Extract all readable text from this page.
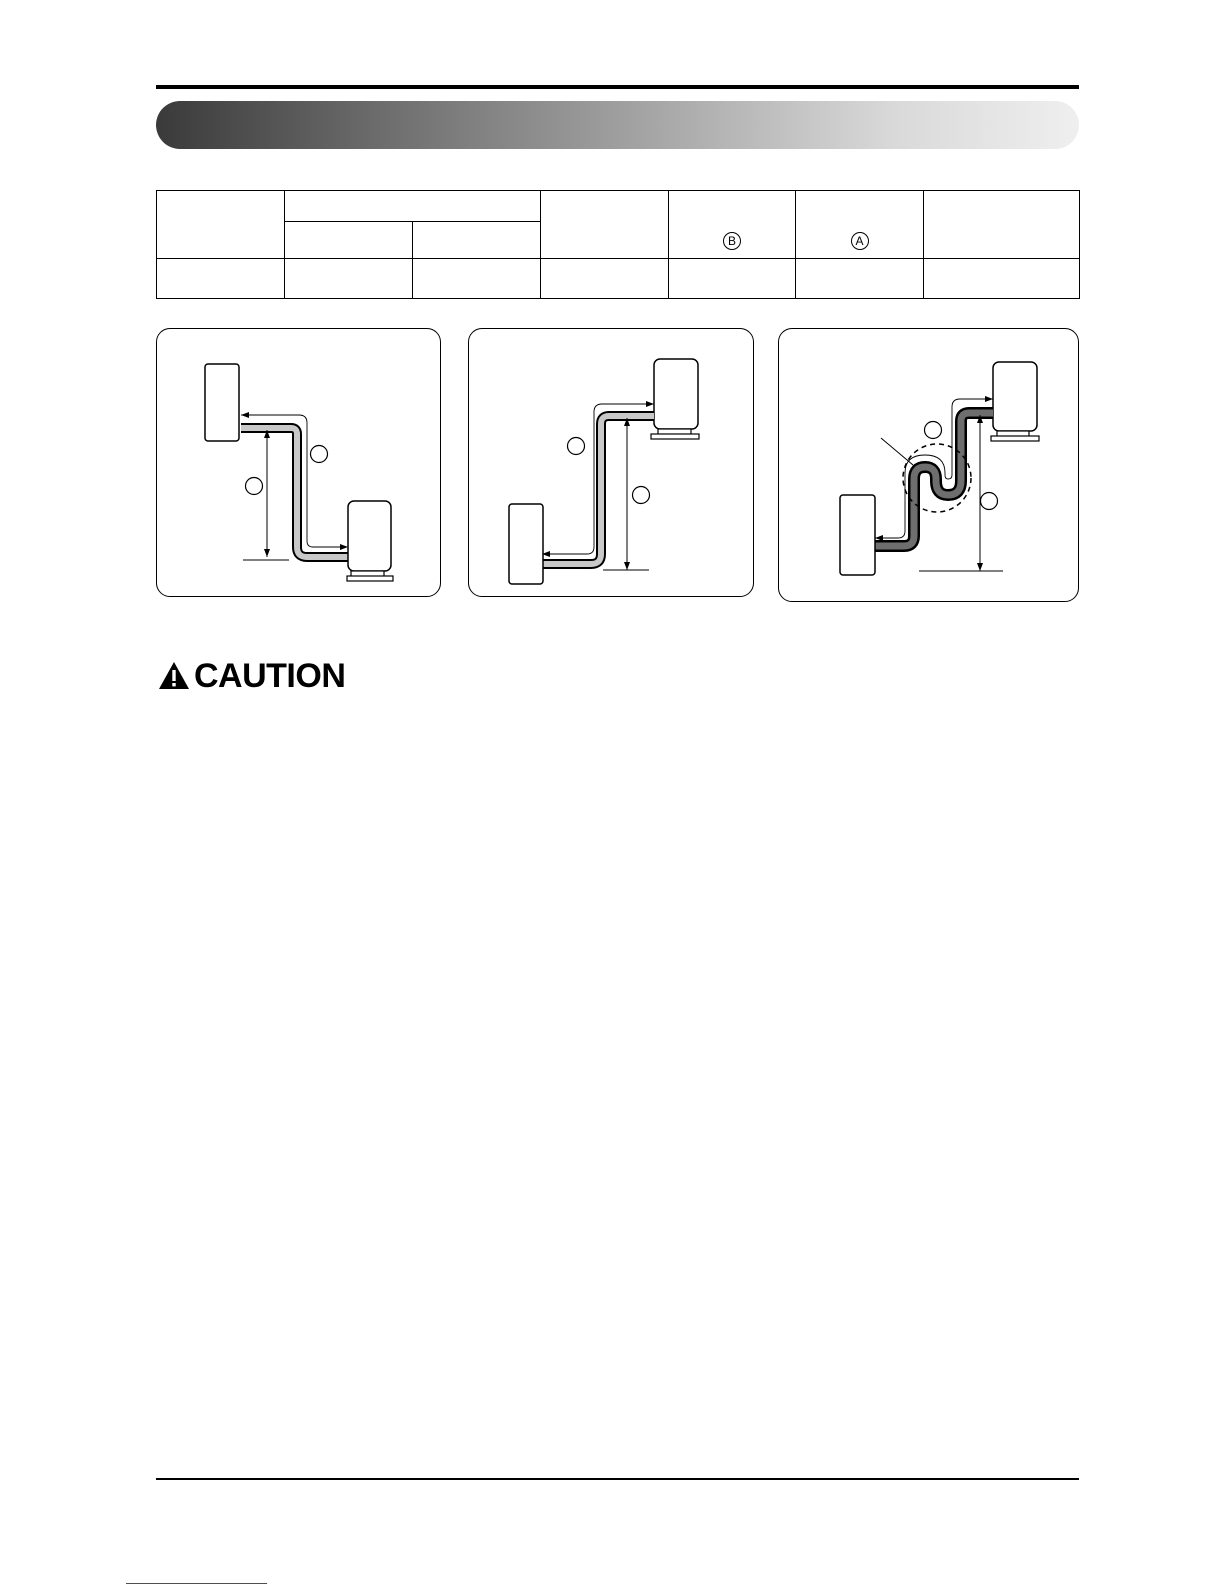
				B	A	

CAUTION
